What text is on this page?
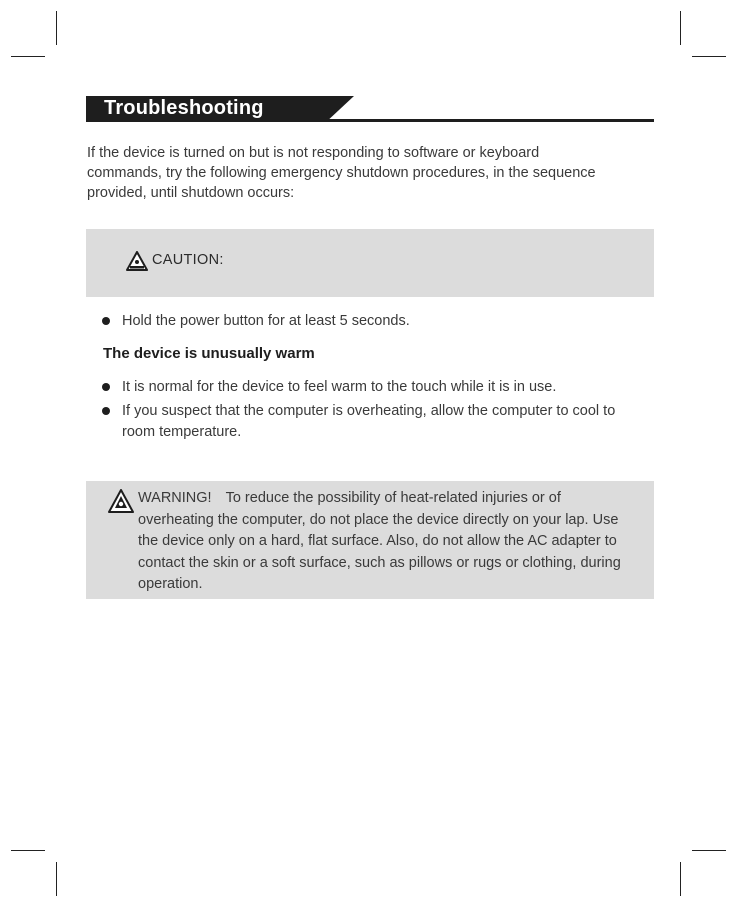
Troubleshooting
If the device is turned on but is not responding to software or keyboard commands, try the following emergency shutdown procedures, in the sequence provided, until shutdown occurs:
CAUTION:
Hold the power button for at least 5 seconds.
The device is unusually warm
It is normal for the device to feel warm to the touch while it is in use.
If you suspect that the computer is overheating, allow the computer to cool to room temperature.
WARNING! To reduce the possibility of heat-related injuries or of overheating the computer, do not place the device directly on your lap. Use the device only on a hard, flat surface. Also, do not allow the AC adapter to contact the skin or a soft surface, such as pillows or rugs or clothing, during operation.
